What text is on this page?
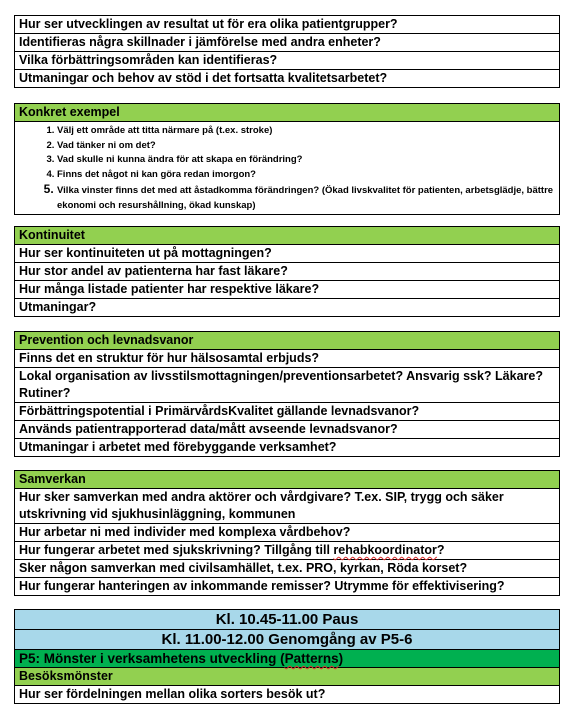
Hur ser utvecklingen av resultat ut för era olika patientgrupper?
Identifieras några skillnader i jämförelse med andra enheter?
Vilka förbättringsområden kan identifieras?
Utmaningar och behov av stöd i det fortsatta kvalitetsarbetet?
Konkret exempel

1. Välj ett område att titta närmare på (t.ex. stroke)
2. Vad tänker ni om det?
3. Vad skulle ni kunna ändra för att skapa en förändring?
4. Finns det något ni kan göra redan imorgon?
5. Vilka vinster finns det med att åstadkomma förändringen? (Ökad livskvalitet för patienten, arbetsglädje, bättre ekonomi och resurshållning, ökad kunskap)
Kontinuitet
Hur ser kontinuiteten ut på mottagningen?
Hur stor andel av patienterna har fast läkare?
Hur många listade patienter har respektive läkare?
Utmaningar?
Prevention och levnadsvanor
Finns det en struktur för hur hälsosamtal erbjuds?
Lokal organisation av livsstilsmottagningen/preventionsarbetet? Ansvarig ssk? Läkare? Rutiner?
Förbättringspotential i PrimärvårdsKvalitet gällande levnadsvanor?
Används patientrapporterad data/mått avseende levnadsvanor?
Utmaningar i arbetet med förebyggande verksamhet?
Samverkan
Hur sker samverkan med andra aktörer och vårdgivare? T.ex. SIP, trygg och säker utskrivning vid sjukhusinläggning, kommunen
Hur arbetar ni med individer med komplexa vårdbehov?
Hur fungerar arbetet med sjukskrivning? Tillgång till rehabkoordinator?
Sker någon samverkan med civilsamhället, t.ex. PRO, kyrkan, Röda korset?
Hur fungerar hanteringen av inkommande remisser? Utrymme för effektivisering?
Kl. 10.45-11.00 Paus
Kl. 11.00-12.00 Genomgång av P5-6
P5: Mönster i verksamhetens utveckling (Patterns)
Besöksmönster
Hur ser fördelningen mellan olika sorters besök ut?
